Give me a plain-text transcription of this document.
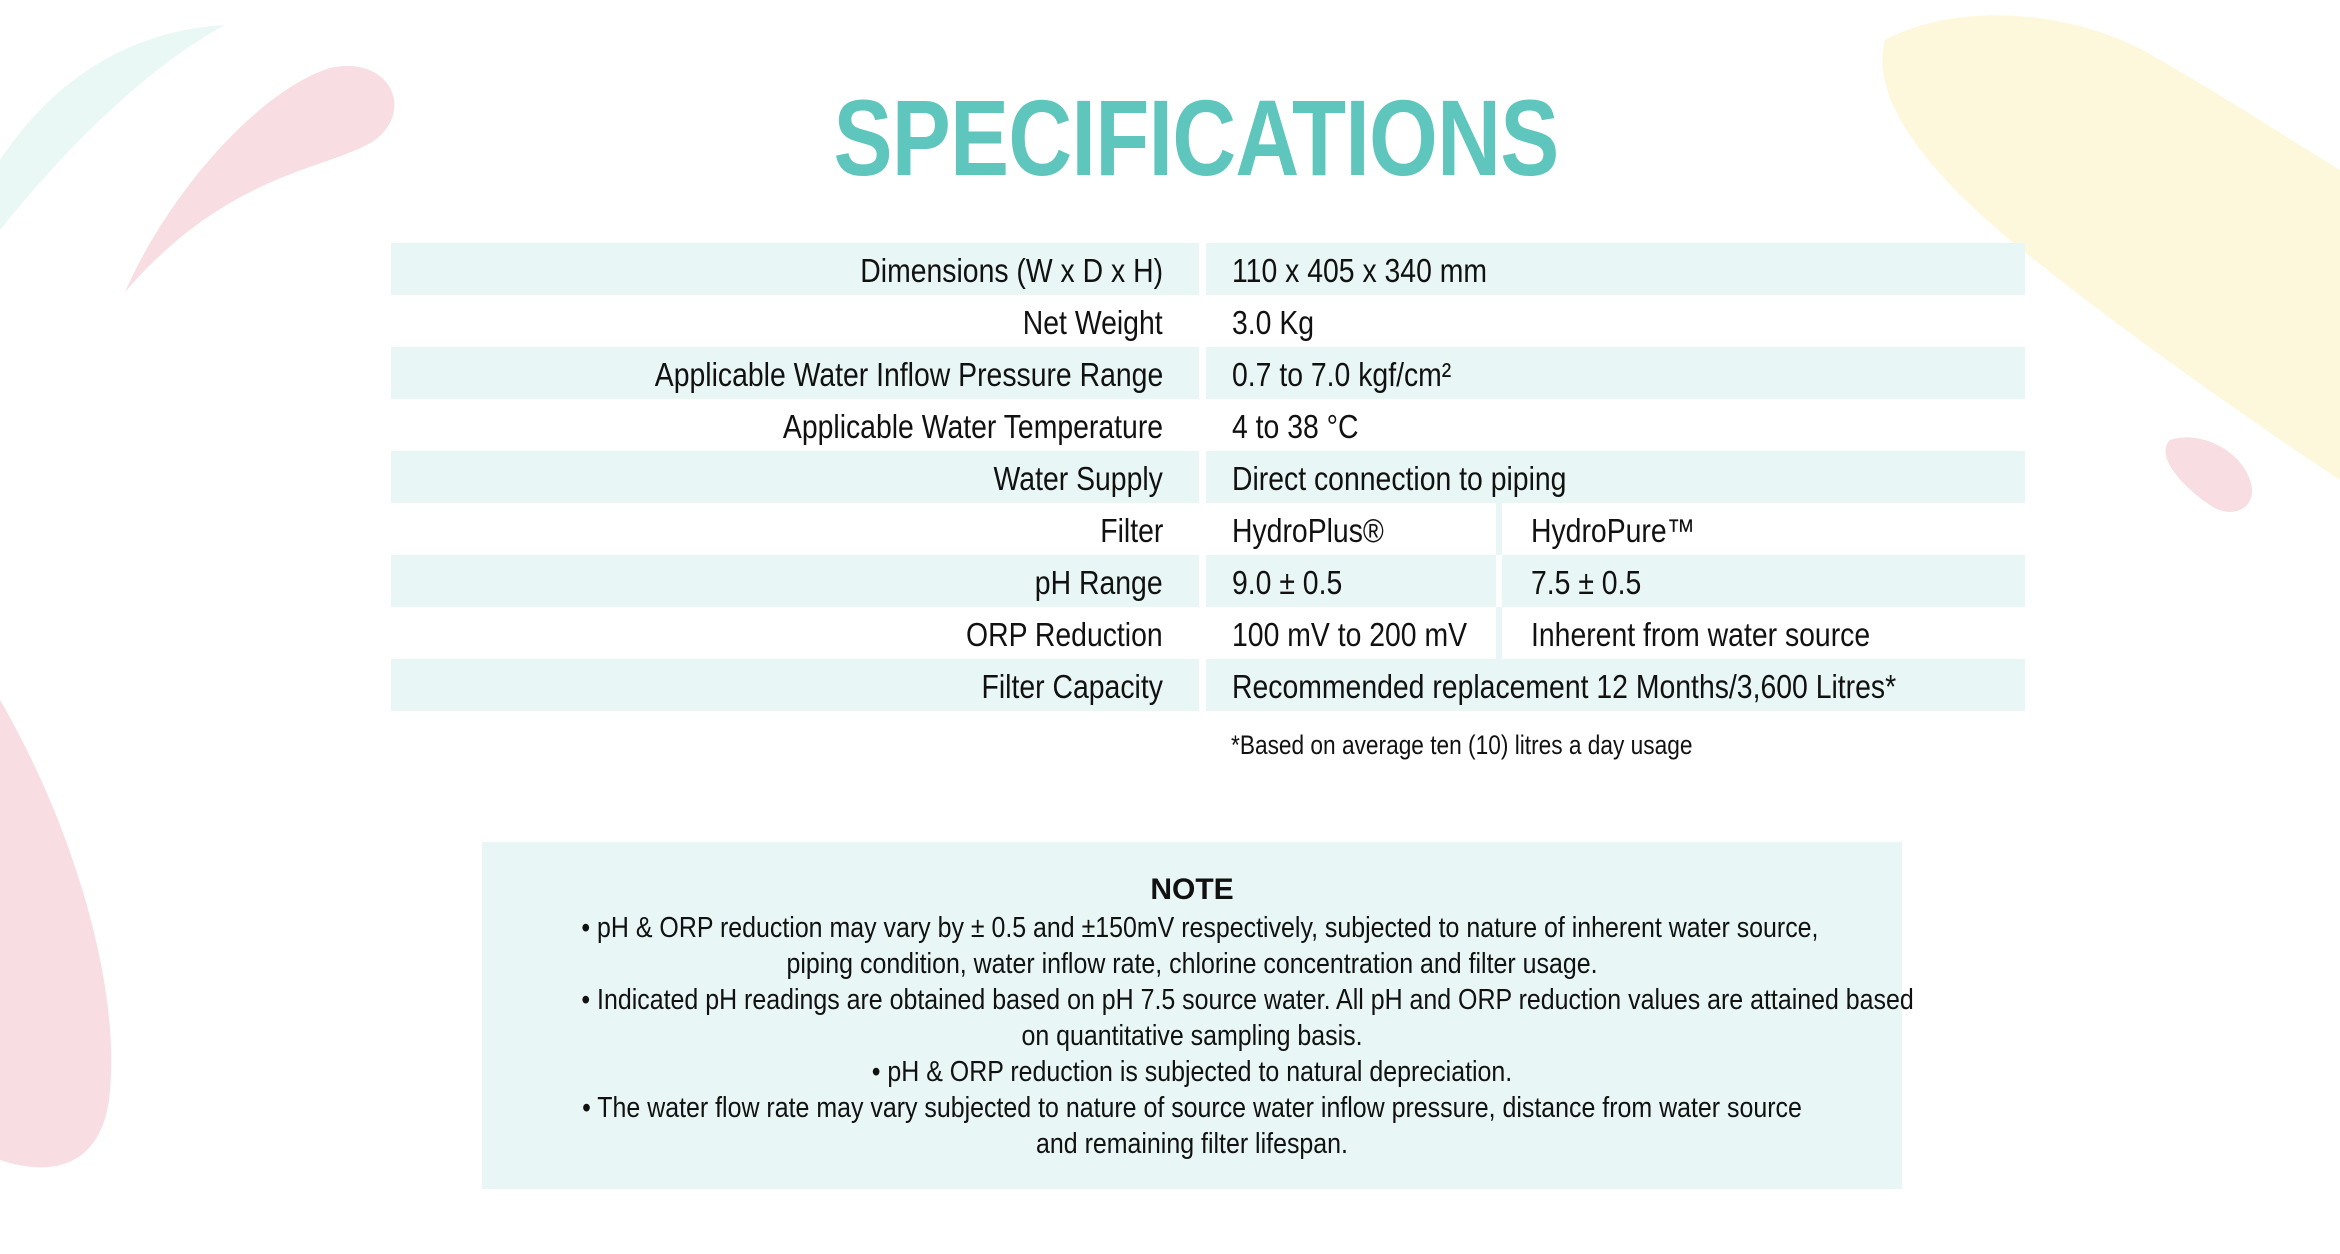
SPECIFICATIONS
Dimensions (W x D x H)	110 x 405 x 340 mm
Net Weight	3.0 Kg
Applicable Water Inflow Pressure Range	0.7 to 7.0 kgf/cm²
Applicable Water Temperature	4 to 38 °C
Water Supply	Direct connection to piping
Filter	HydroPlus®	HydroPure™
pH Range	9.0 ± 0.5	7.5 ± 0.5
ORP Reduction	100 mV to 200 mV	Inherent from water source
Filter Capacity	Recommended replacement 12 Months/3,600 Litres*
*Based on average ten (10) litres a day usage
NOTE
• pH & ORP reduction may vary by ± 0.5 and ±150mV respectively, subjected to nature of inherent water source,
piping condition, water inflow rate, chlorine concentration and filter usage.
• Indicated pH readings are obtained based on pH 7.5 source water. All pH and ORP reduction values are attained based
on quantitative sampling basis.
• pH & ORP reduction is subjected to natural depreciation.
• The water flow rate may vary subjected to nature of source water inflow pressure, distance from water source
and remaining filter lifespan.
